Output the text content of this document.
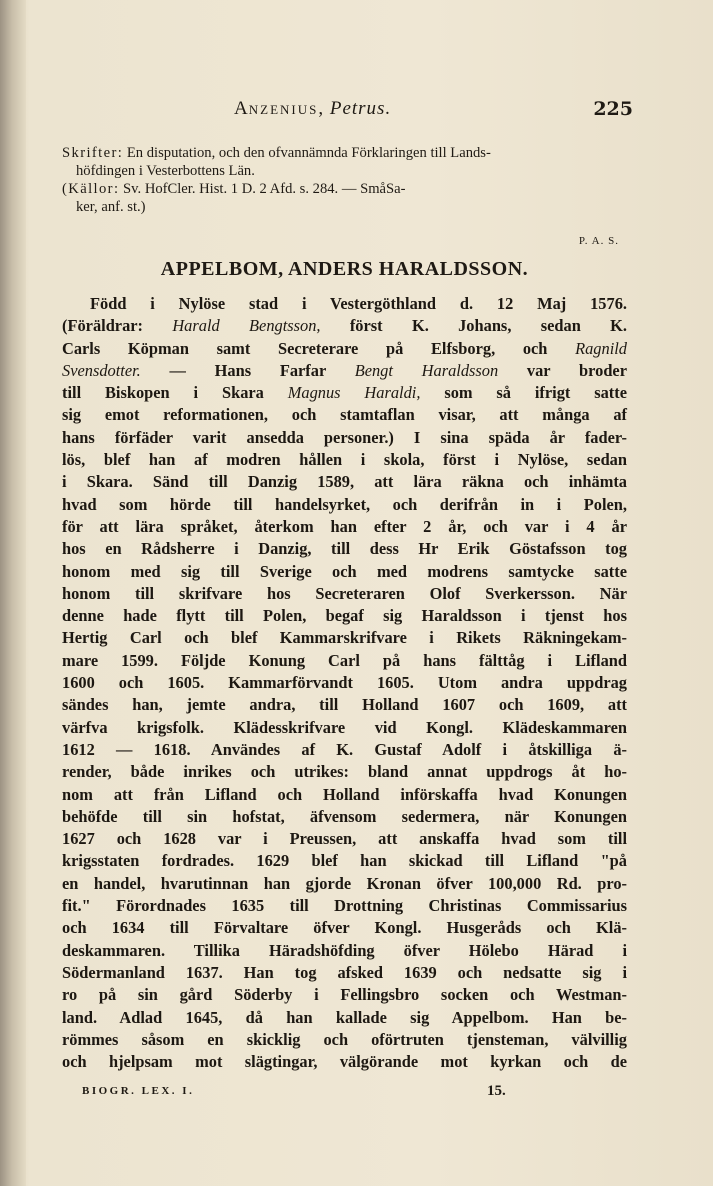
Anzenius, Petrus.	225
Skrifter: En disputation, och den ofvannämnda Förklaringen till Lands-
höfdingen i Vesterbottens Län.
(Källor: Sv. HofCler. Hist. 1 D. 2 Afd. s. 284. — SmåSa-
ker, anf. st.)
P. A. S.
APPELBOM, ANDERS HARALDSSON.
Född i Nylöse stad i Vestergöthland d. 12 Maj 1576.
(Föräldrar: Harald Bengtsson, först K. Johans, sedan K.
Carls Köpman samt Secreterare på Elfsborg, och Ragnild
Svensdotter. — Hans Farfar Bengt Haraldsson var broder
till Biskopen i Skara Magnus Haraldi, som så ifrigt satte
sig emot reformationen, och stamtaflan visar, att många af
hans förfäder varit ansedda personer.) I sina späda år fader-
lös, blef han af modren hållen i skola, först i Nylöse, sedan
i Skara. Sänd till Danzig 1589, att lära räkna och inhämta
hvad som hörde till handelsyrket, och derifrån in i Polen,
för att lära språket, återkom han efter 2 år, och var i 4 år
hos en Rådsherre i Danzig, till dess Hr Erik Göstafsson tog
honom med sig till Sverige och med modrens samtycke satte
honom till skrifvare hos Secreteraren Olof Sverkersson. När
denne hade flytt till Polen, begaf sig Haraldsson i tjenst hos
Hertig Carl och blef Kammarskrifvare i Rikets Räkningekam-
mare 1599. Följde Konung Carl på hans fälttåg i Lifland
1600 och 1605. Kammarförvandt 1605. Utom andra uppdrag
sändes han, jemte andra, till Holland 1607 och 1609, att
värfva krigsfolk. Klädesskrifvare vid Kongl. Klädeskammaren
1612 — 1618. Användes af K. Gustaf Adolf i åtskilliga ä-
render, både inrikes och utrikes: bland annat uppdrogs åt ho-
nom att från Lifland och Holland införskaffa hvad Konungen
behöfde till sin hofstat, äfvensom sedermera, när Konungen
1627 och 1628 var i Preussen, att anskaffa hvad som till
krigsstaten fordrades. 1629 blef han skickad till Lifland "på
en handel, hvarutinnan han gjorde Kronan öfver 100,000 Rd. pro-
fit." Förordnades 1635 till Drottning Christinas Commissarius
och 1634 till Förvaltare öfver Kongl. Husgeråds och Klä-
deskammaren. Tillika Häradshöfding öfver Hölebo Härad i
Södermanland 1637. Han tog afsked 1639 och nedsatte sig i
ro på sin gård Söderby i Fellingsbro socken och Westman-
land. Adlad 1645, då han kallade sig Appelbom. Han be-
römmes såsom en skicklig och oförtruten tjensteman, välvillig
och hjelpsam mot slägtingar, välgörande mot kyrkan och de
BIOGR. LEX. I.	15.
